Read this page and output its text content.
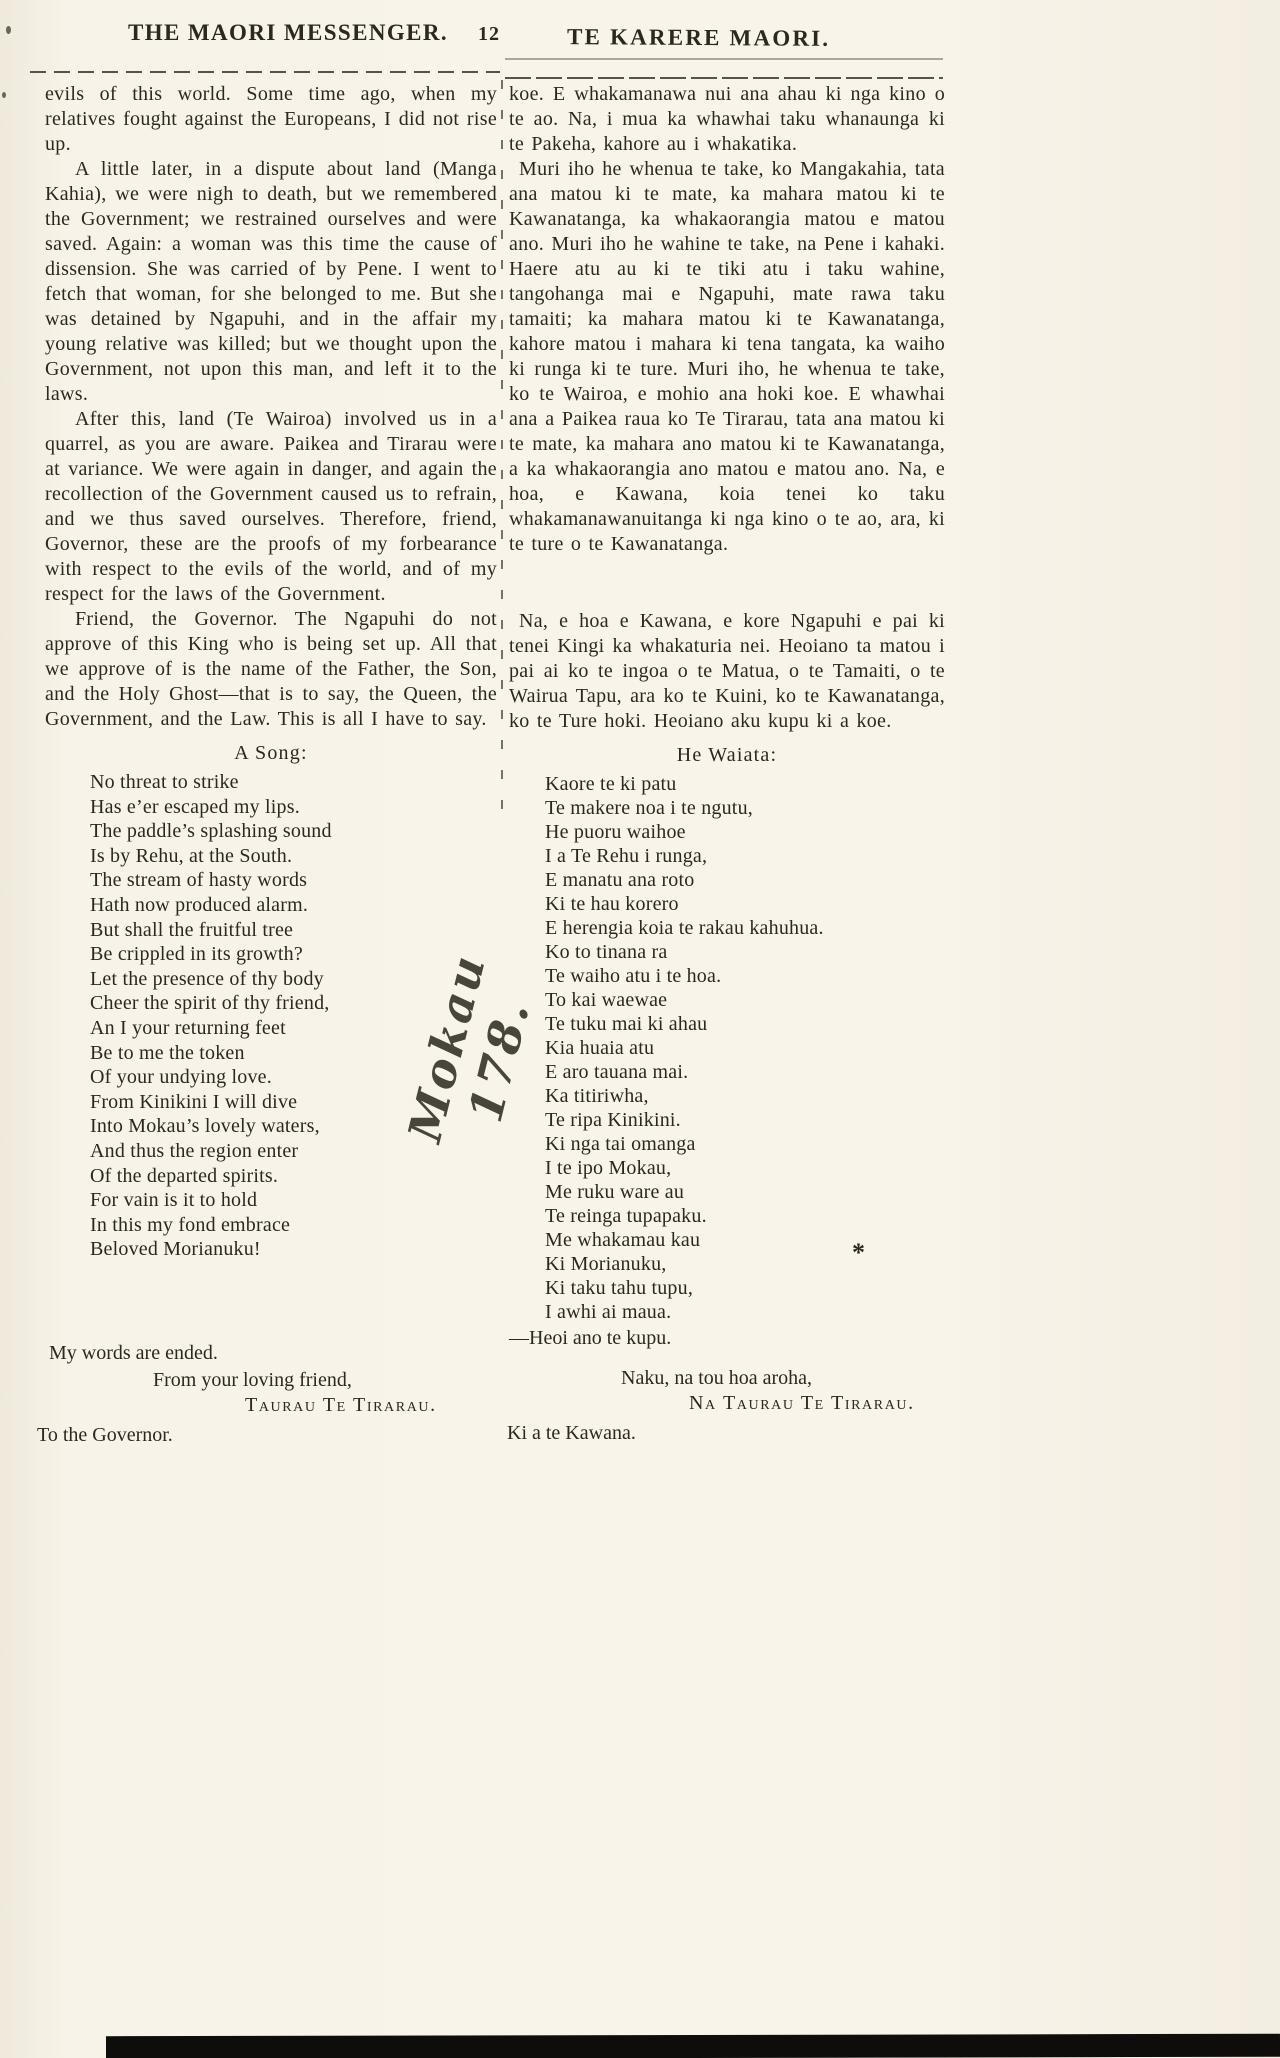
THE MAORI MESSENGER. 12	TE KARERE MAORI.

evils of this world. Some time ago, when my relatives fought against the Europeans, I did not rise up.

A little later, in a dispute about land (Manga Kahia), we were nigh to death, but we remembered the Government; we restrained ourselves and were saved. Again: a woman was this time the cause of dissension. She was carried of by Pene. I went to fetch that woman, for she belonged to me. But she was detained by Ngapuhi, and in the affair my young relative was killed; but we thought upon the Government, not upon this man, and left it to the laws.

After this, land (Te Wairoa) involved us in a quarrel, as you are aware. Paikea and Tirarau were at variance. We were again in danger, and again the recollection of the Government caused us to refrain, and we thus saved ourselves. Therefore, friend, Governor, these are the proofs of my forbearance with respect to the evils of the world, and of my respect for the laws of the Government.

Friend, the Governor. The Ngapuhi do not approve of this King who is being set up. All that we approve of is the name of the Father, the Son, and the Holy Ghost—that is to say, the Queen, the Government, and the Law. This is all I have to say.

A Song:
No threat to strike
Has e’er escaped my lips.
The paddle’s splashing sound
Is by Rehu, at the South.
The stream of hasty words
Hath now produced alarm.
But shall the fruitful tree
Be crippled in its growth?
Let the presence of thy body
Cheer the spirit of thy friend,
An I your returning feet
Be to me the token
Of your undying love.
From Kinikini I will dive
Into Mokau’s lovely waters,
And thus the region enter
Of the departed spirits.
For vain is it to hold
In this my fond embrace
Beloved Morianuku!
My words are ended.
From your loving friend,
Taurau Te Tirarau.
To the Governor.

koe. E whakamanawa nui ana ahau ki nga kino o te ao. Na, i mua ka whawhai taku whanaunga ki te Pakeha, kahore au i whakatika.

Muri iho he whenua te take, ko Mangakahia, tata ana matou ki te mate, ka mahara matou ki te Kawanatanga, ka whakaorangia matou e matou ano. Muri iho he wahine te take, na Pene i kahaki. Haere atu au ki te tiki atu i taku wahine, tangohanga mai e Ngapuhi, mate rawa taku tamaiti; ka mahara matou ki te Kawanatanga, kahore matou i mahara ki tena tangata, ka waiho ki runga ki te ture. Muri iho, he whenua te take, ko te Wairoa, e mohio ana hoki koe. E whawhai ana a Paikea raua ko Te Tirarau, tata ana matou ki te mate, ka mahara ano matou ki te Kawanatanga, a ka whakaorangia ano matou e matou ano. Na, e hoa, e Kawana, koia tenei ko taku whakamanawanuitanga ki nga kino o te ao, ara, ki te ture o te Kawanatanga.

Na, e hoa e Kawana, e kore Ngapuhi e pai ki tenei Kingi ka whakaturia nei. Heoiano ta matou i pai ai ko te ingoa o te Matua, o te Tamaiti, o te Wairua Tapu, ara ko te Kuini, ko te Kawanatanga, ko te Ture hoki. Heoiano aku kupu ki a koe.

He Waiata:
Kaore te ki patu
Te makere noa i te ngutu,
He puoru waihoe
I a Te Rehu i runga,
E manatu ana roto
Ki te hau korero
E herengia koia te rakau kahuhua.
Ko to tinana ra
Te waiho atu i te hoa.
To kai waewae
Te tuku mai ki ahau
Kia huaia atu
E aro tauana mai.
Ka titiriwha,
Te ripa Kinikini.
Ki nga tai omanga
I te ipo Mokau,
Me ruku ware au
Te reinga tupapaku.
Me whakamau kau
Ki Morianuku,
Ki taku tahu tupu,
I awhi ai maua.
—Heoi ano te kupu.
Naku, na tou hoa aroha,
Na Taurau Te Tirarau.
Ki a te Kawana.
Mokau 178.
*
